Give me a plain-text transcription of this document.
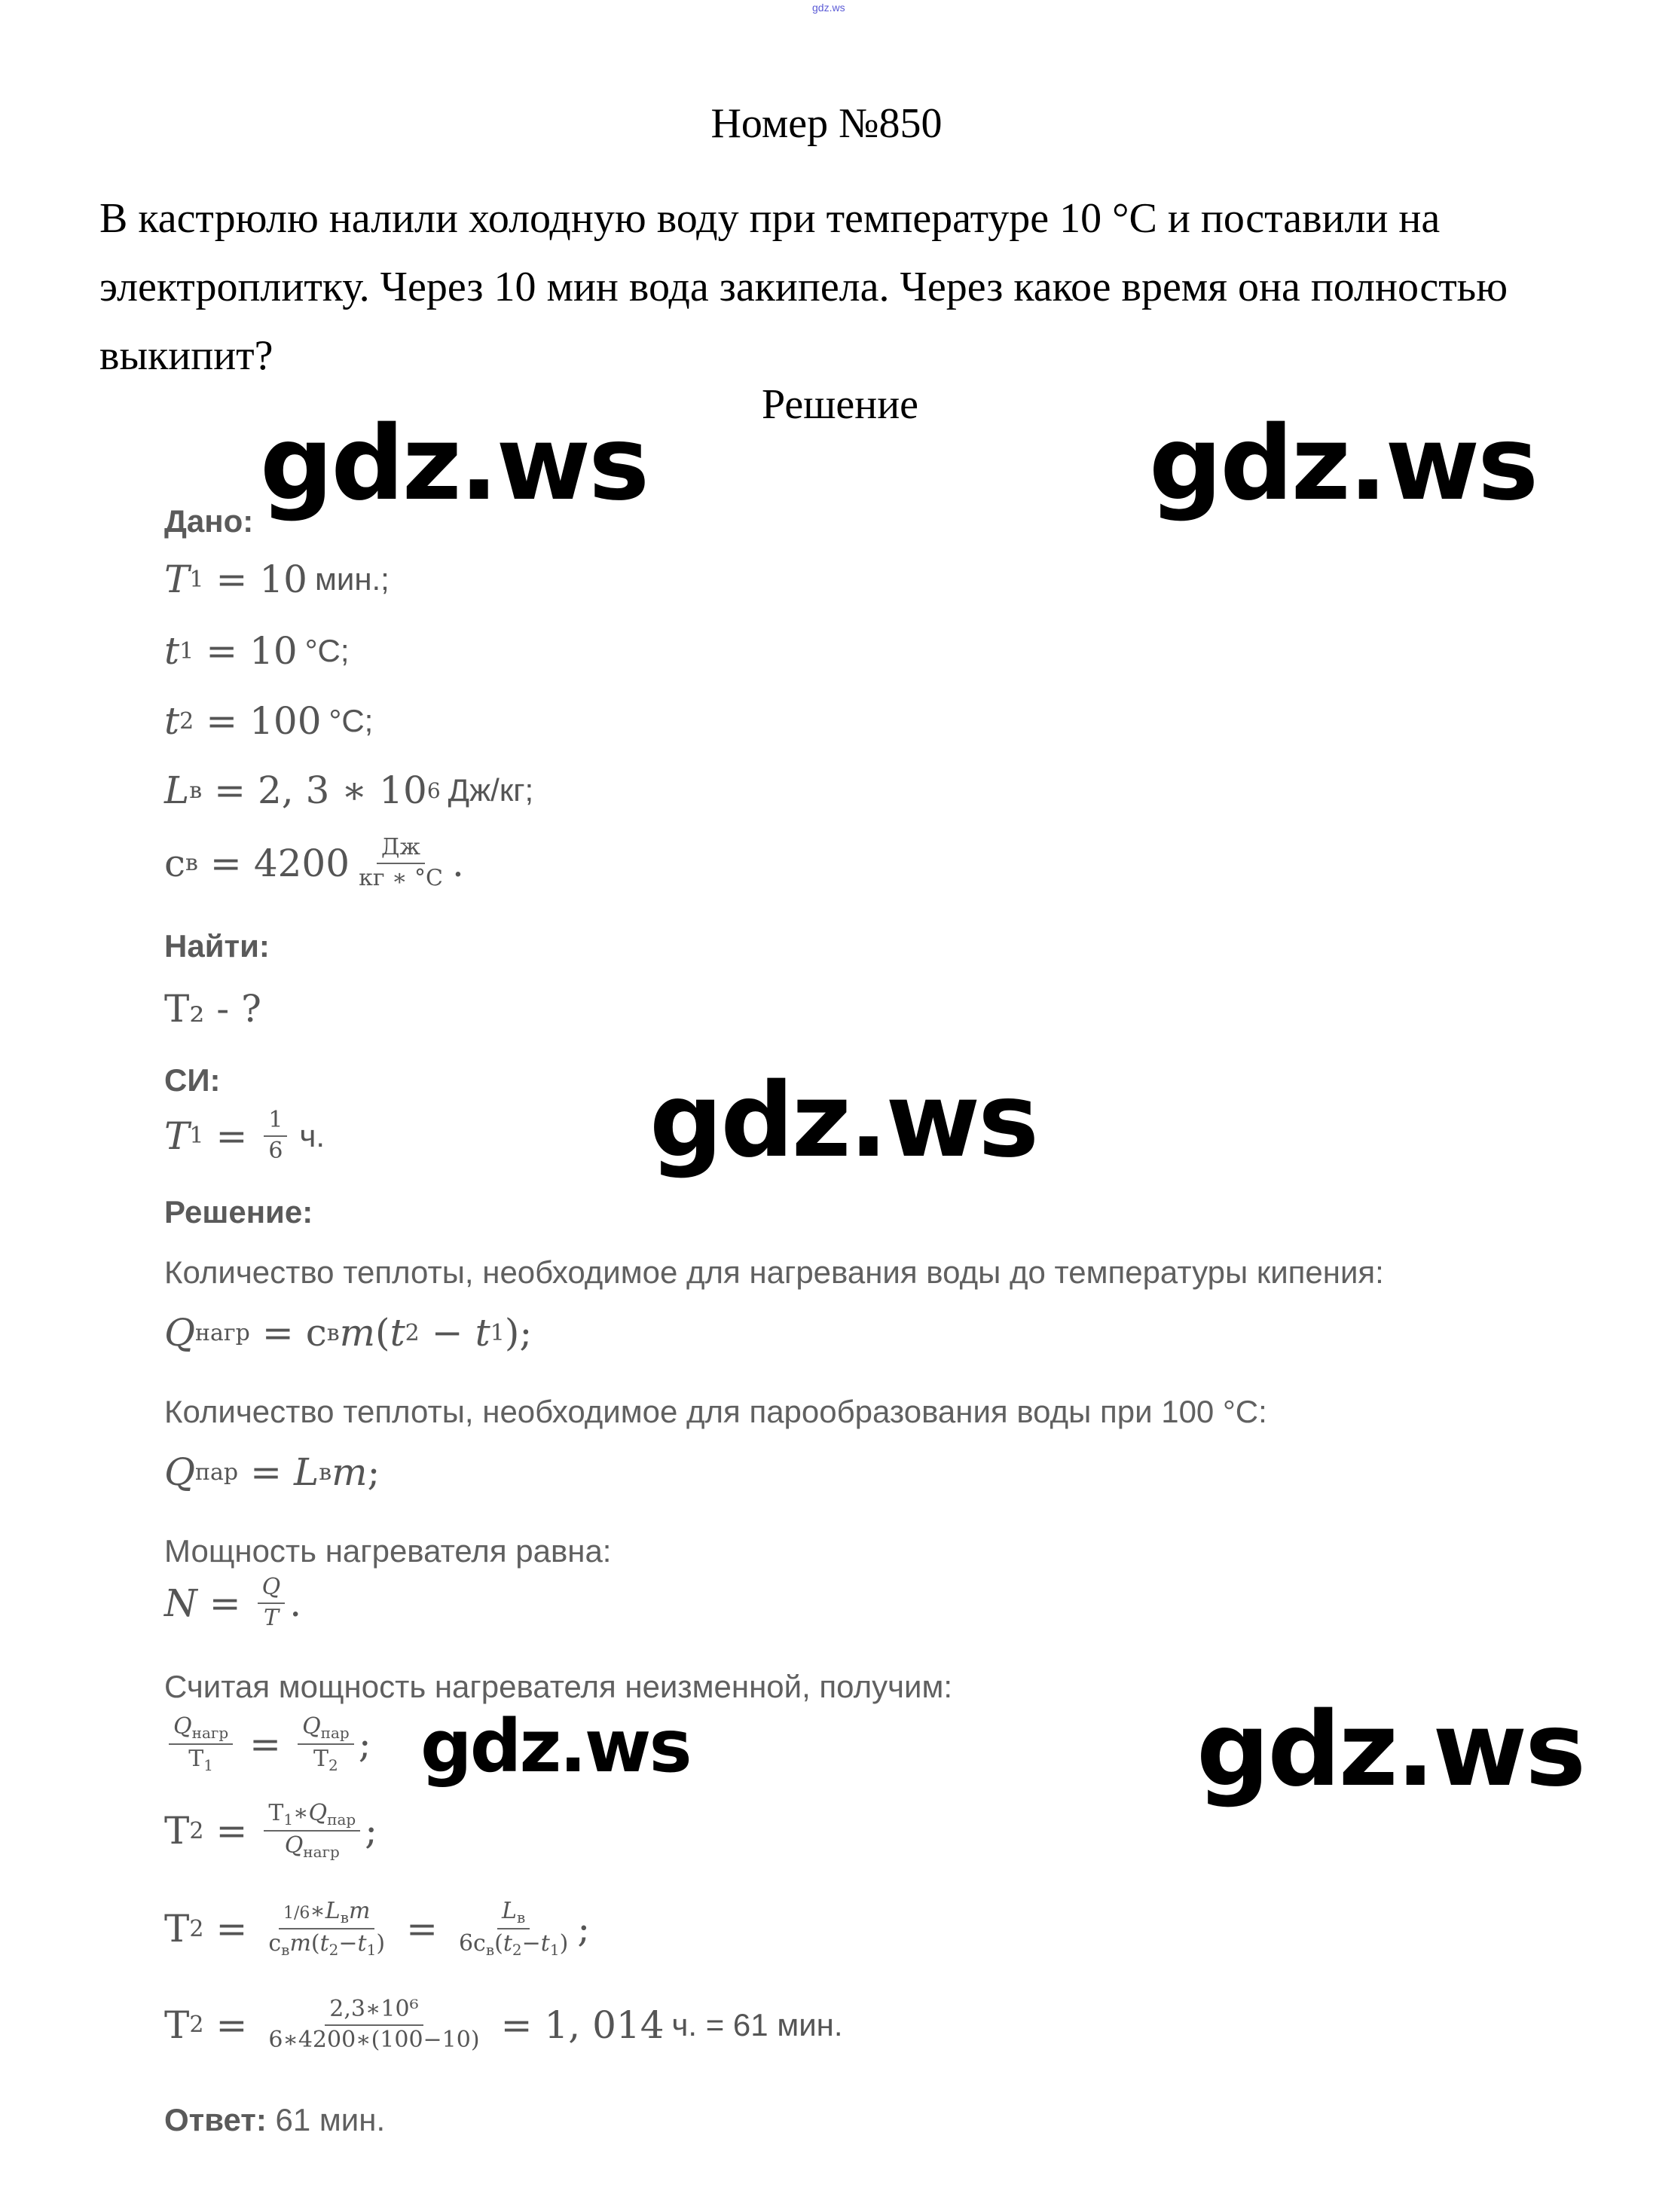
gdz.ws
Номер №850
В кастрюлю налили холодную воду при температуре 10 °С и поставили на электроплитку. Через 10 мин вода закипела. Через какое время она полностью выкипит?
Решение
gdz.ws	gdz.ws
gdz.ws
gdz.ws	gdz.ws
Дано:
T 1 = 10 мин.;
t 1 = 10 °С;
t 2 = 100 °С;
L в = 2, 3 ∗ 10 6 Дж/кг;
c $в = 4200 \frac{Дж}{кг ∗ ^\circ С}$ .
Найти:
T₂ - ?
СИ:
T $1 = \frac{1}{6} ч$.
Решение:
Количество теплоты, необходимое для нагревания воды до температуры кипения:
Q нагр = c в m ( t 2 − t 1 );
Количество теплоты, необходимое для парообразования воды при 100 °С:
Q пар = L в m ;
Мощность нагревателя равна:
$N = \frac{Q}{T}$ .
Считая мощность нагревателя неизменной, получим:
$\frac{Q_{нагр}}{T_1} = \frac{Q_{пар}}{T_2}$ ;
T $2 = \frac{T_1∗Q_{пар}}{Q_{нагр}}$ ;
T $2 = \frac{1/6∗L_вm}{c_вm(t_2-t_1)} = \frac{L_в}{6c_в(t_2-t_1)}$ ;
T $2 = \frac{\text{2,3∗10⁶}}{6∗4200∗(100-10)} = 1$, 014 ч. = 61 мин.
Ответ: 61 мин.
